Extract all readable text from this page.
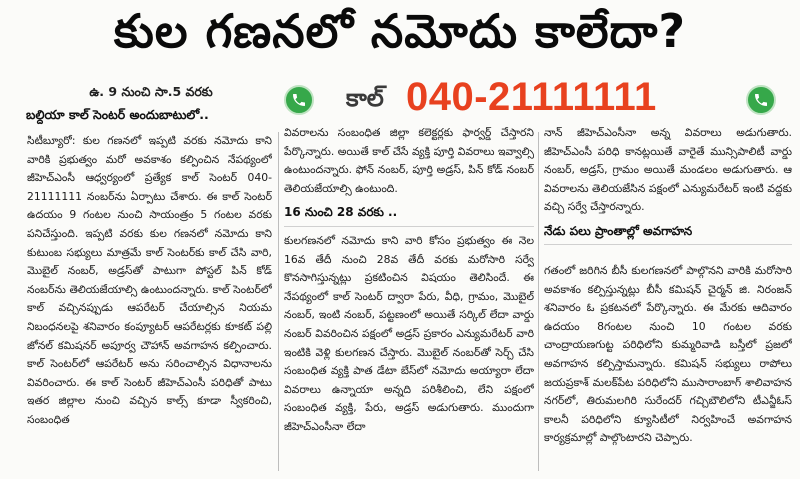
కుల గణనలో నమోదు కాలేదా?
ఉ. 9 నుంచి సా.5 వరకు
బల్దియా కాల్ సెంటర్ అందుబాటులో..
కాల్ 040-21111111
సిటీబ్యూరో: కుల గణనలో ఇప్పటి వరకు నమోదు కాని వారికి ప్రభుత్వం మరో అవకాశం కల్పించిన నేపథ్యంలో జీహెచ్ఎంసీ ఆధ్వర్యంలో ప్రత్యేక కాల్ సెంటర్ 040-21111111 నంబర్‌ను ఏర్పాటు చేశారు. ఈ కాల్ సెంటర్ ఉదయం 9 గంటల నుంచి సాయంత్రం 5 గంటల వరకు పనిచేస్తుంది. ఇప్పటి వరకు కుల గణనలో నమోదు కాని కుటుంబ సభ్యులు మాత్రమే కాల్ సెంటర్‌కు కాల్ చేసి వారి, మొబైల్ నంబర్, అడ్రస్‌తో పాటుగా పోస్టల్ పిన్ కోడ్ నంబర్‌ను తెలియజేయాల్సి ఉంటుందన్నారు. కాల్ సెంటర్‌లో కాల్ వచ్చినప్పుడు ఆపరేటర్ చేయాల్సిన నియమ నిబంధనలపై శనివారం కంప్యూటర్ ఆపరేటర్లకు కూకట్ పల్లి జోనల్ కమిషనర్ అపూర్వ చౌహాన్ అవగాహన కల్పించారు. కాల్ సెంటర్‌లో ఆపరేటర్ అను సరించాల్సిన విధానాలను వివరించారు. ఈ కాల్ సెంటర్ జీహెచ్ఎంసీ పరిధితో పాటు ఇతర జిల్లాల నుంచి వచ్చిన కాల్స్ కూడా స్వీకరించి, సంబంధిత
వివరాలను సంబంధిత జిల్లా కలెక్టర్లకు ఫార్వర్డ్ చేస్తారని పేర్కొన్నారు. అయితే కాల్ చేసే వ్యక్తి పూర్తి వివరాలు ఇవ్వాల్సి ఉంటుందన్నారు. ఫోన్ నంబర్, పూర్తి అడ్రస్, పిన్ కోడ్ నంబర్ తెలియజేయాల్సి ఉంటుంది.
16 నుంచి 28 వరకు ..
కులగణనలో నమోదు కాని వారి కోసం ప్రభుత్వం ఈ నెల 16వ తేదీ నుంచి 28వ తేదీ వరకు మరోసారి సర్వే కొనసాగిస్తున్నట్లు ప్రకటించిన విషయం తెలిసిందే. ఈ నేపథ్యంలో కాల్ సెంటర్ ద్వారా పేరు, వీధి, గ్రామం, మొబైల్ నంబర్, ఇంటి నంబర్, పట్టణంలో అయితే సర్కిల్ లేదా వార్డు నంబర్ వివరించిన పక్షంలో అడ్రస్ ప్రకారం ఎన్యుమరేటర్ వారి ఇంటికి వెళ్లి కులగణన చేస్తారు. మొబైల్ నంబర్‌తో సెర్చ్ చేసి సంబంధిత వ్యక్తి పాత డేటా బేస్‌లో నమోదు అయ్యారా లేదా వివరాలు ఉన్నాయా అన్నది పరిశీలించి, లేని పక్షంలో సంబంధిత వ్యక్తి, పేరు, అడ్రస్ అడుగుతారు. ముందుగా జీహెచ్ఎంసీనా లేదా
నాన్ జీహెచ్ఎంసీనా అన్న వివరాలు అడుగుతారు. జీహెచ్ఎంసీ పరిధి కానట్లయితే వారైతే మున్సిపాలిటీ వార్డు నంబర్, అడ్రస్, గ్రామం అయితే మండలం అడుగుతారు. ఆ వివరాలను తెలియజేసిన పక్షంలో ఎన్యుమరేటర్ ఇంటి వద్దకు వచ్చి సర్వే చేస్తారన్నారు.
నేడు పలు ప్రాంతాల్లో అవగాహన
గతంలో జరిగిన బీసీ కులగణనలో పాల్గొనని వారికి మరోసారి అవకాశం కల్పిస్తున్నట్లు బీసీ కమిషన్ చైర్మన్ జి. నిరంజన్ శనివారం ఓ ప్రకటనలో పేర్కొన్నారు. ఈ మేరకు ఆదివారం ఉదయం 8గంటల నుంచి 10 గంటల వరకు చాంద్రాయణగుట్ట పరిధిలోని కుమ్మరివాడి బస్తీలో ప్రజలో అవగాహన కల్పిస్తామన్నారు. కమిషన్ సభ్యులు రాపోలు జయప్రకాశ్ మలక్‌పేట పరిధిలోని ముసారాంబాగ్ శాలివాహన నగర్‌లో, తిరుమలగిరి సురేందర్ గచ్చిబౌలిలోని టీఎన్జీఓస్ కాలనీ పరిధిలోని క్యూసిటీలో నిర్వహించే అవగాహన కార్యక్రమాల్లో పాల్గొంటారని చెప్పారు.
